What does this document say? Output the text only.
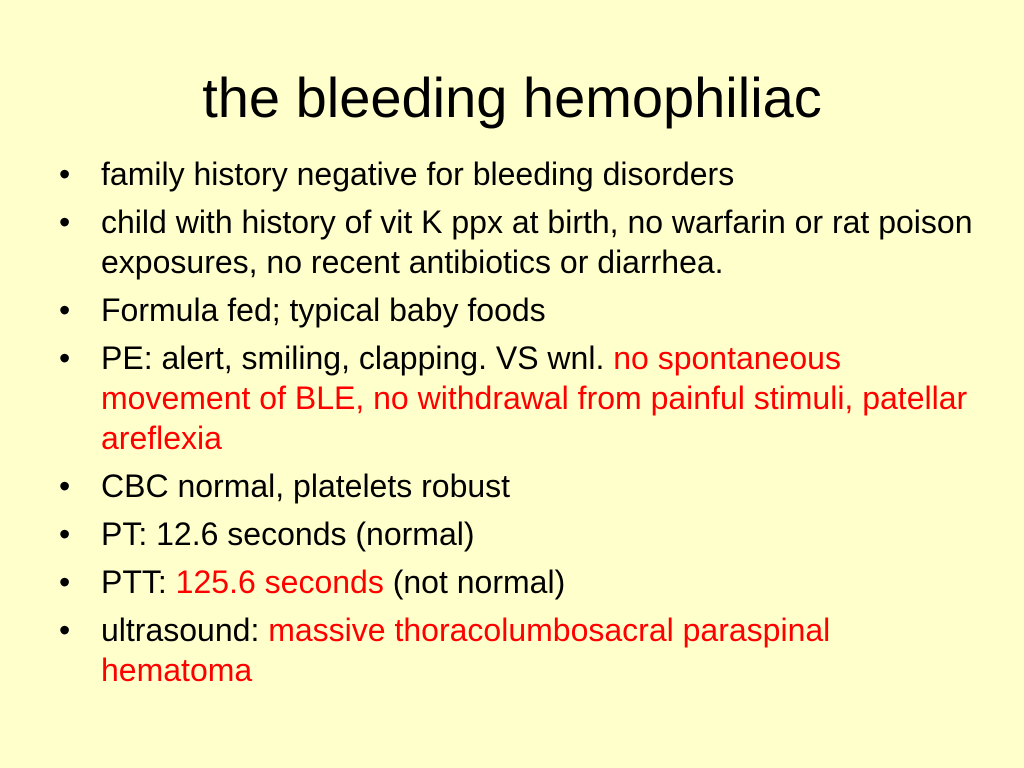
the bleeding hemophiliac
• family history negative for bleeding disorders
• child with history of vit K ppx at birth, no warfarin or rat poison exposures, no recent antibiotics or diarrhea.
• Formula fed; typical baby foods
• PE: alert, smiling, clapping. VS wnl. no spontaneous movement of BLE, no withdrawal from painful stimuli, patellar areflexia
• CBC normal, platelets robust
• PT: 12.6 seconds (normal)
• PTT: 125.6 seconds (not normal)
• ultrasound: massive thoracolumbosacral paraspinal hematoma
